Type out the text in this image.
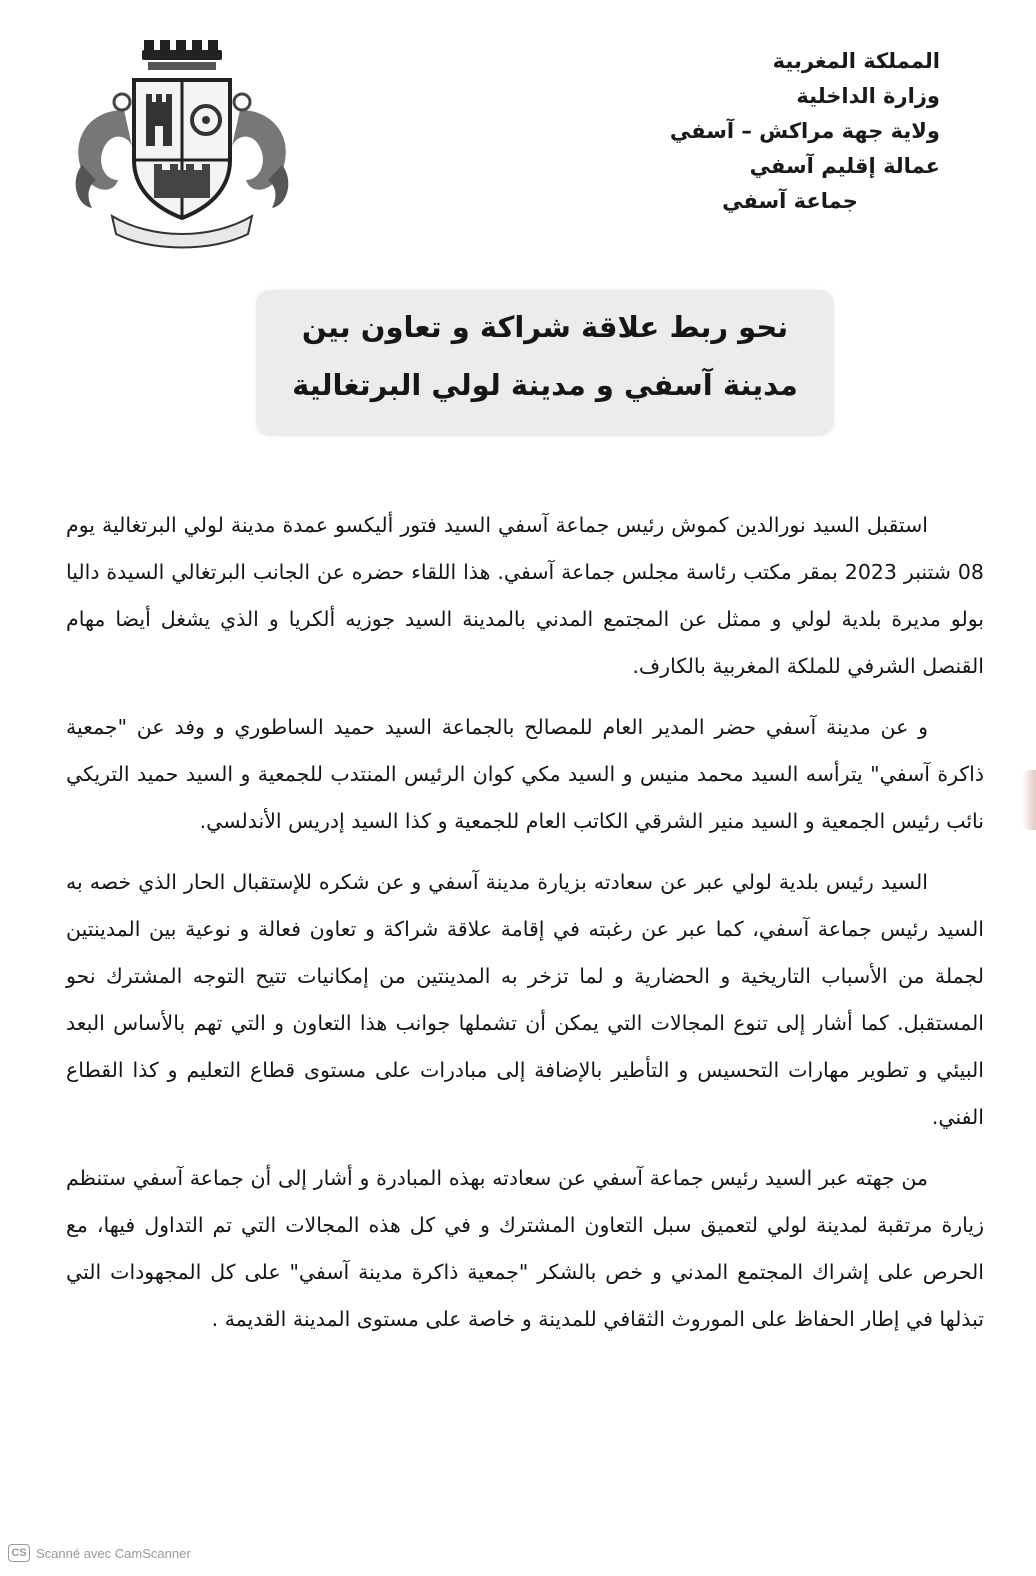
المملكة المغربية
وزارة الداخلية
ولاية جهة مراكش – آسفي
عمالة إقليم آسفي
جماعة آسفي
نحو ربط علاقة شراكة و تعاون بين
مدينة آسفي و مدينة لولي البرتغالية

استقبل السيد نورالدين كموش رئيس جماعة آسفي السيد فتور أليكسو عمدة مدينة لولي البرتغالية يوم 08 شتنبر 2023 بمقر مكتب رئاسة مجلس جماعة آسفي. هذا اللقاء حضره عن الجانب البرتغالي السيدة داليا بولو مديرة بلدية لولي و ممثل عن المجتمع المدني بالمدينة السيد جوزيه ألكريا و الذي يشغل أيضا مهام القنصل الشرفي للملكة المغربية بالكارف.

و عن مدينة آسفي حضر المدير العام للمصالح بالجماعة السيد حميد الساطوري و وفد عن "جمعية ذاكرة آسفي" يترأسه السيد محمد منيس و السيد مكي كوان الرئيس المنتدب للجمعية و السيد حميد التريكي نائب رئيس الجمعية و السيد منير الشرقي الكاتب العام للجمعية و كذا السيد إدريس الأندلسي.

السيد رئيس بلدية لولي عبر عن سعادته بزيارة مدينة آسفي و عن شكره للإستقبال الحار الذي خصه به السيد رئيس جماعة آسفي، كما عبر عن رغبته في إقامة علاقة شراكة و تعاون فعالة و نوعية بين المدينتين لجملة من الأسباب التاريخية و الحضارية و لما تزخر به المدينتين من إمكانيات تتيح التوجه المشترك نحو المستقبل. كما أشار إلى تنوع المجالات التي يمكن أن تشملها جوانب هذا التعاون و التي تهم بالأساس البعد البيئي و تطوير مهارات التحسيس و التأطير بالإضافة إلى مبادرات على مستوى قطاع التعليم و كذا القطاع الفني.

من جهته عبر السيد رئيس جماعة آسفي عن سعادته بهذه المبادرة و أشار إلى أن جماعة آسفي ستنظم زيارة مرتقبة لمدينة لولي لتعميق سبل التعاون المشترك و في كل هذه المجالات التي تم التداول فيها، مع الحرص على إشراك المجتمع المدني و خص بالشكر "جمعية ذاكرة مدينة آسفي" على كل المجهودات التي تبذلها في إطار الحفاظ على الموروث الثقافي للمدينة و خاصة على مستوى المدينة القديمة .

CS Scanné avec CamScanner
